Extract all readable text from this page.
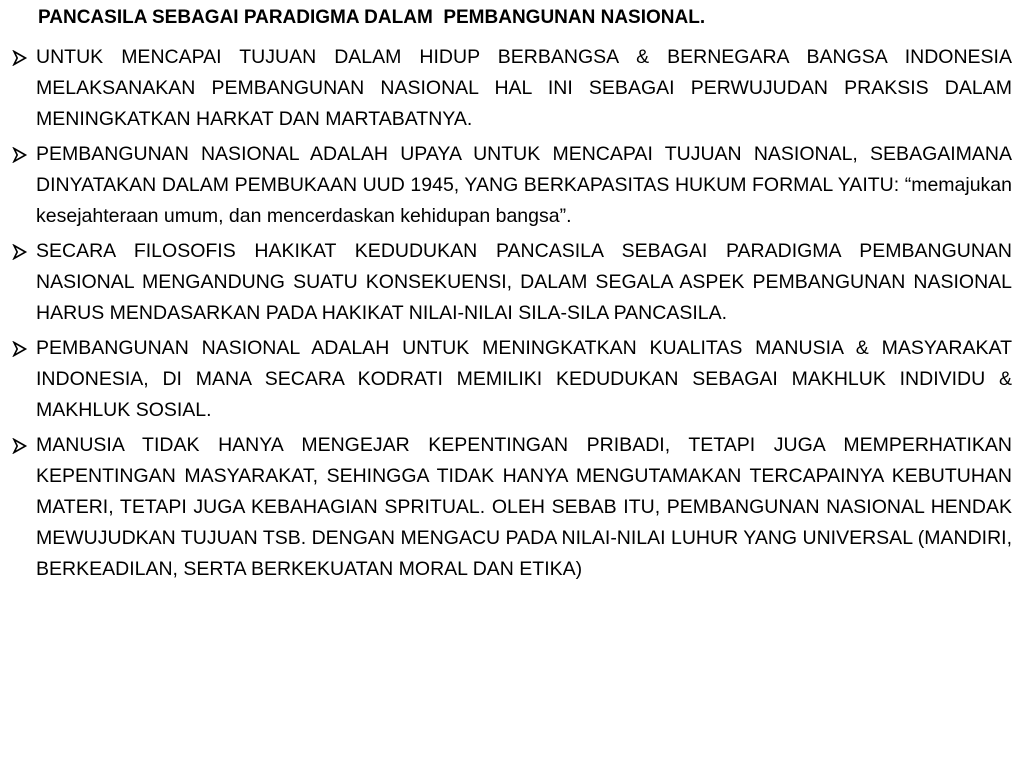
PANCASILA SEBAGAI PARADIGMA DALAM  PEMBANGUNAN NASIONAL.
UNTUK MENCAPAI TUJUAN DALAM HIDUP BERBANGSA & BERNEGARA BANGSA INDONESIA MELAKSANAKAN PEMBANGUNAN NASIONAL HAL INI SEBAGAI PERWUJUDAN PRAKSIS DALAM MENINGKATKAN HARKAT DAN MARTABATNYA.
PEMBANGUNAN NASIONAL ADALAH UPAYA UNTUK MENCAPAI TUJUAN NASIONAL, SEBAGAIMANA DINYATAKAN DALAM PEMBUKAAN UUD 1945, YANG BERKAPASITAS HUKUM FORMAL YAITU: “memajukan kesejahteraan umum, dan mencerdaskan kehidupan bangsa”.
SECARA FILOSOFIS HAKIKAT KEDUDUKAN PANCASILA SEBAGAI PARADIGMA PEMBANGUNAN NASIONAL MENGANDUNG SUATU KONSEKUENSI, DALAM SEGALA ASPEK PEMBANGUNAN NASIONAL HARUS MENDASARKAN PADA HAKIKAT NILAI-NILAI SILA-SILA PANCASILA.
PEMBANGUNAN NASIONAL ADALAH UNTUK MENINGKATKAN KUALITAS MANUSIA & MASYARAKAT INDONESIA, DI MANA SECARA KODRATI MEMILIKI KEDUDUKAN SEBAGAI MAKHLUK INDIVIDU & MAKHLUK SOSIAL.
MANUSIA TIDAK HANYA MENGEJAR KEPENTINGAN PRIBADI, TETAPI JUGA MEMPERHATIKAN KEPENTINGAN MASYARAKAT, SEHINGGA TIDAK HANYA MENGUTAMAKAN TERCAPAINYA KEBUTUHAN MATERI, TETAPI JUGA KEBAHAGIAN SPRITUAL. OLEH SEBAB ITU, PEMBANGUNAN NASIONAL HENDAK MEWUJUDKAN TUJUAN TSB. DENGAN MENGACU PADA NILAI-NILAI LUHUR YANG UNIVERSAL (MANDIRI, BERKEADILAN, SERTA BERKEKUATAN MORAL DAN ETIKA)
